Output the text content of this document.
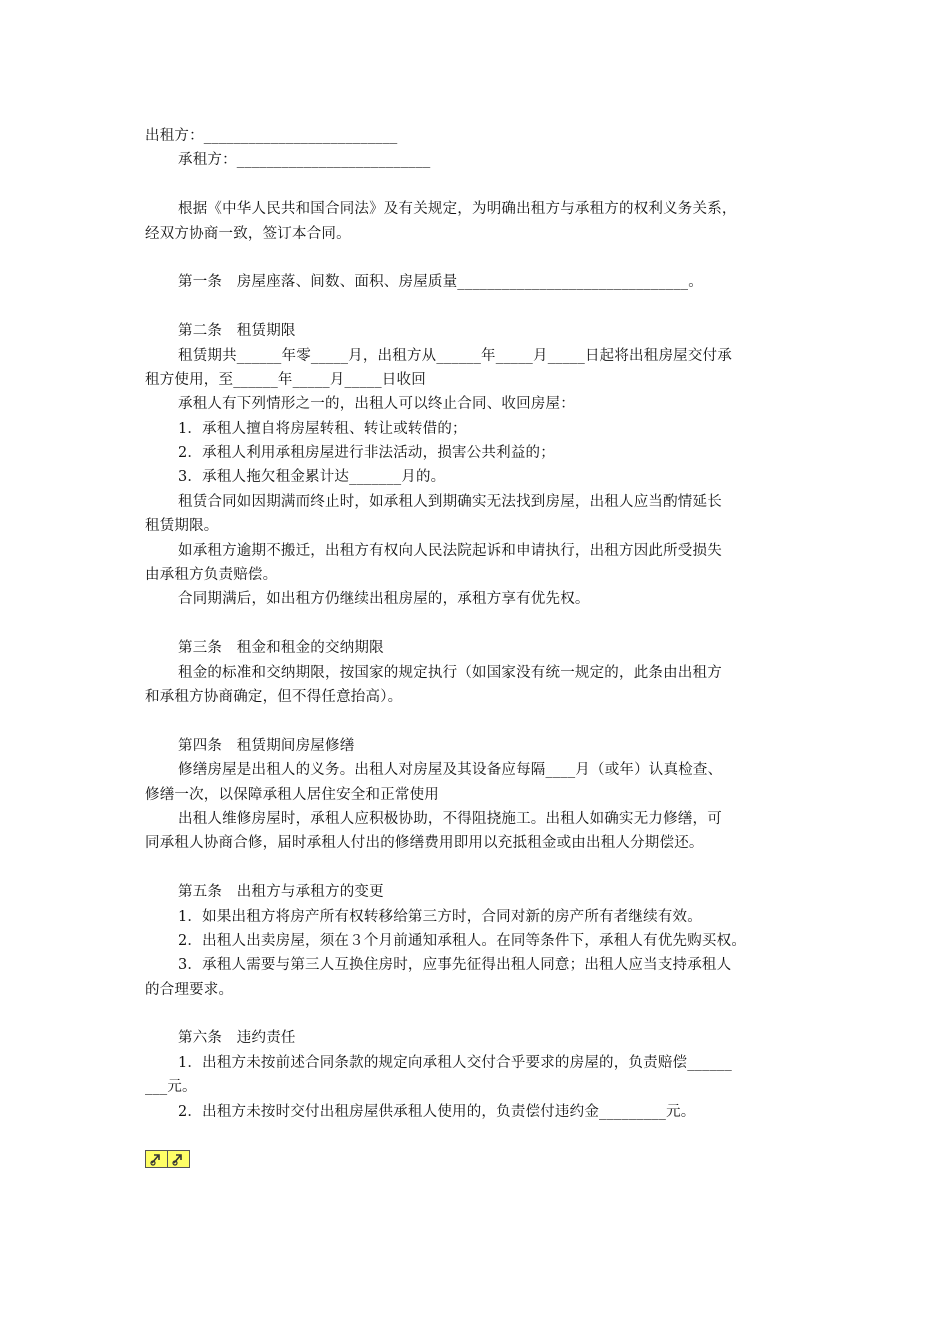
出租方：__________________________
承租方：__________________________
根据《中华人民共和国合同法》及有关规定，为明确出租方与承租方的权利义务关系，
经双方协商一致，签订本合同。
第一条　房屋座落、间数、面积、房屋质量_______________________________。
第二条　租赁期限
租赁期共______年零_____月，出租方从______年_____月_____日起将出租房屋交付承
租方使用，至______年_____月_____日收回
承租人有下列情形之一的，出租人可以终止合同、收回房屋：
1．承租人擅自将房屋转租、转让或转借的；
2．承租人利用承租房屋进行非法活动，损害公共利益的；
3．承租人拖欠租金累计达_______月的。
租赁合同如因期满而终止时，如承租人到期确实无法找到房屋，出租人应当酌情延长
租赁期限。
如承租方逾期不搬迁，出租方有权向人民法院起诉和申请执行，出租方因此所受损失
由承租方负责赔偿。
合同期满后，如出租方仍继续出租房屋的，承租方享有优先权。
第三条　租金和租金的交纳期限
租金的标准和交纳期限，按国家的规定执行（如国家没有统一规定的，此条由出租方
和承租方协商确定，但不得任意抬高）。
第四条　租赁期间房屋修缮
修缮房屋是出租人的义务。出租人对房屋及其设备应每隔____月（或年）认真检查、
修缮一次，以保障承租人居住安全和正常使用
出租人维修房屋时，承租人应积极协助，不得阻挠施工。出租人如确实无力修缮，可
同承租人协商合修，届时承租人付出的修缮费用即用以充抵租金或由出租人分期偿还。
第五条　出租方与承租方的变更
1．如果出租方将房产所有权转移给第三方时，合同对新的房产所有者继续有效。
2．出租人出卖房屋，须在３个月前通知承租人。在同等条件下，承租人有优先购买权。
3．承租人需要与第三人互换住房时，应事先征得出租人同意；出租人应当支持承租人
的合理要求。
第六条　违约责任
1．出租方未按前述合同条款的规定向承租人交付合乎要求的房屋的，负责赔偿______
___元。
2．出租方未按时交付出租房屋供承租人使用的，负责偿付违约金_________元。
